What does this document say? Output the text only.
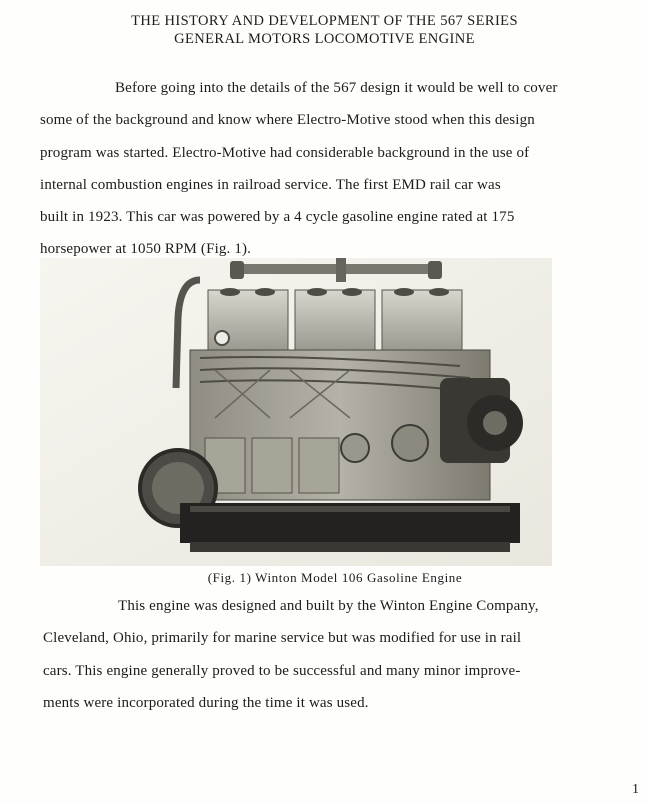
THE HISTORY AND DEVELOPMENT OF THE 567 SERIES
GENERAL MOTORS LOCOMOTIVE ENGINE
Before going into the details of the 567 design it would be well to cover
some of the background and know where Electro-Motive stood when this design
program was started. Electro-Motive had considerable background in the use of
internal combustion engines in railroad service. The first EMD rail car was
built in 1923. This car was powered by a 4 cycle gasoline engine rated at 175
horsepower at 1050 RPM (Fig. 1).
(Fig. 1) Winton Model 106 Gasoline Engine
This engine was designed and built by the Winton Engine Company,
Cleveland, Ohio, primarily for marine service but was modified for use in rail
cars. This engine generally proved to be successful and many minor improve-
ments were incorporated during the time it was used.
1
